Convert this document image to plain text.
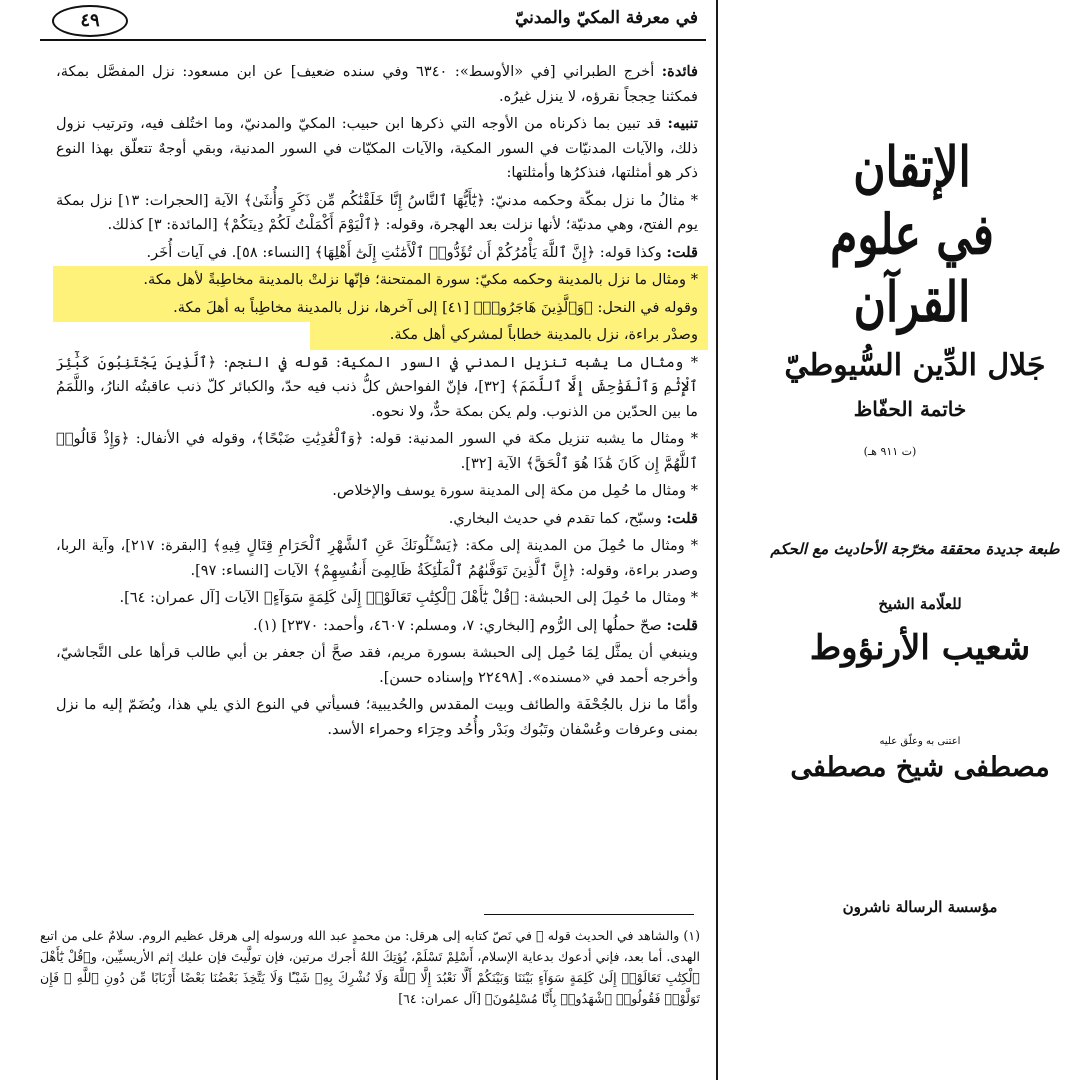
في معرفة المكيّ والمدنيّ
٤٩

فائدة: أخرج الطبراني [في «الأوسط»: ٦٣٤٠ وفي سنده ضعيف] عن ابن مسعود: نزل المفصَّل بمكة، فمكثنا حِججاً نقرؤه، لا ينزل غيرُه.

تنبيه: قد تبين بما ذكرناه من الأوجه التي ذكرها ابن حبيب: المكيّ والمدنيّ، وما اختُلف فيه، وترتيب نزول ذلك، والآيات المدنيّات في السور المكية، والآيات المكيّات في السور المدنية، وبقي أوجهٌ تتعلّق بهذا النوع ذكر هو أمثلتها، فنذكرُها وأمثلتها:

* مثالُ ما نزل بمكّة وحكمه مدنيّ: ﴿يَٰٓأَيُّهَا ٱلنَّاسُ إِنَّا خَلَقْنَٰكُم مِّن ذَكَرٍ وَأُنثَىٰ﴾ الآية [الحجرات: ١٣] نزل بمكة يوم الفتح، وهي مدنيّة؛ لأنها نزلت بعد الهجرة، وقوله: ﴿ٱلْيَوْمَ أَكْمَلْتُ لَكُمْ دِينَكُمْ﴾ [المائدة: ٣] كذلك.

قلت: وكذا قوله: ﴿إِنَّ ٱللَّهَ يَأْمُرُكُمْ أَن تُؤَدُّوا۟ ٱلْأَمَٰنَٰتِ إِلَىٰٓ أَهْلِهَا﴾ [النساء: ٥٨]. في آيات أُخَر.

* ومثال ما نزل بالمدينة وحكمه مكيّ: سورة الممتحنة؛ فإنّها نزلتْ بالمدينة مخاطِبةً لأهل مكة.

وقوله في النحل: ﴿وَٱلَّذِينَ هَاجَرُوا۟﴾ [٤١] إلى آخرها، نزل بالمدينة مخاطِباً به أهلَ مكة.

وصدْر براءة، نزل بالمدينة خطاباً لمشركي أهل مكة.

* ومثال ما يشبه تنزيل المدني في السور المكية: قوله في النجم: ﴿ٱلَّذِينَ يَجْتَنِبُونَ كَبَٰٓئِرَ ٱلْإِثْمِ وَٱلْفَوَٰحِشَ إِلَّا ٱللَّمَمَ﴾ [٣٢]، فإنّ الفواحش كلُّ ذنب فيه حدّ، والكبائر كلّ ذنب عاقبتُه النارُ، واللَّمَمُ ما بين الحدّين من الذنوب. ولم يكن بمكة حدٌّ، ولا نحوه.

* ومثال ما يشبه تنزيل مكة في السور المدنية: قوله: ﴿وَٱلْعَٰدِيَٰتِ ضَبْحًا﴾، وقوله في الأنفال: ﴿وَإِذْ قَالُوا۟ ٱللَّهُمَّ إِن كَانَ هَٰذَا هُوَ ٱلْحَقَّ﴾ الآية [٣٢].

* ومثال ما حُمِل من مكة إلى المدينة سورة يوسف والإخلاص.

قلت: وسبّح، كما تقدم في حديث البخاري.

* ومثال ما حُمِلَ من المدينة إلى مكة: ﴿يَسْـَٔلُونَكَ عَنِ ٱلشَّهْرِ ٱلْحَرَامِ قِتَالٍ فِيهِ﴾ [البقرة: ٢١٧]، وآية الربا، وصدر براءة، وقوله: ﴿إِنَّ ٱلَّذِينَ تَوَفَّىٰهُمُ ٱلْمَلَٰٓئِكَةُ ظَالِمِىٓ أَنفُسِهِمْ﴾ الآيات [النساء: ٩٧].

* ومثال ما حُمِلَ إلى الحبشة: ﴿قُلْ يَٰٓأَهْلَ ٱلْكِتَٰبِ تَعَالَوْا۟ إِلَىٰ كَلِمَةٍ سَوَآءٍ﴾ الآيات [آل عمران: ٦٤].

قلت: صحّ حملُها إلى الرُّوم [البخاري: ٧، ومسلم: ٤٦٠٧، وأحمد: ٢٣٧٠] (١).

وينبغي أن يمثَّل لِمَا حُمِل إلى الحبشة بسورة مريم، فقد صحَّ أن جعفر بن أبي طالب قرأها على النَّجاشيّ، وأخرجه أحمد في «مسنده». [٢٢٤٩٨ وإسناده حسن].

وأمّا ما نزل بالجُحْفَة والطائف وبيت المقدس والحُديبية؛ فسيأتي في النوع الذي يلي هذا، ويُضَمّ إليه ما نزل بمنى وعرفات وعُسْفان وتَبُوك وبَدْر وأُحُد وحِرَاء وحمراء الأسد.

(١) والشاهد في الحديث قوله ﷺ في نَصّ كتابه إلى هرقل: من محمدٍ عبد الله ورسوله إلى هرقل عظيم الروم. سلامٌ على من اتبع الهدى. أما بعد، فإني أدعوك بدعاية الإسلام، أَسْلِمْ تَسْلَمْ، يُؤتِكَ اللهُ أجرك مرتين، فإن تولَّيتَ فإن عليك إثم الأريسيِّين، و﴿قُلْ يَٰٓأَهْلَ ٱلْكِتَٰبِ تَعَالَوْا۟ إِلَىٰ كَلِمَةٍ سَوَآءٍ بَيْنَنَا وَبَيْنَكُمْ أَلَّا نَعْبُدَ إِلَّا ٱللَّهَ وَلَا نُشْرِكَ بِهِۦ شَيْـًٔا وَلَا يَتَّخِذَ بَعْضُنَا بَعْضًا أَرْبَابًا مِّن دُونِ ٱللَّهِ ۚ فَإِن تَوَلَّوْا۟ فَقُولُوا۟ ٱشْهَدُوا۟ بِأَنَّا مُسْلِمُونَ﴾ [آل عمران: ٦٤]
الإتقان
في علوم القرآن
جَلال الدِّين السُّيوطيّ
خاتمة الحفّاظ
(ت ٩١١ هـ)
طبعة جديدة محققة مخرّجة الأحاديث مع الحكم
للعلّامة الشيخ
شعيب الأرنؤوط
اعتنى به وعلّق عليه
مصطفى شيخ مصطفى
مؤسسة الرسالة ناشرون
